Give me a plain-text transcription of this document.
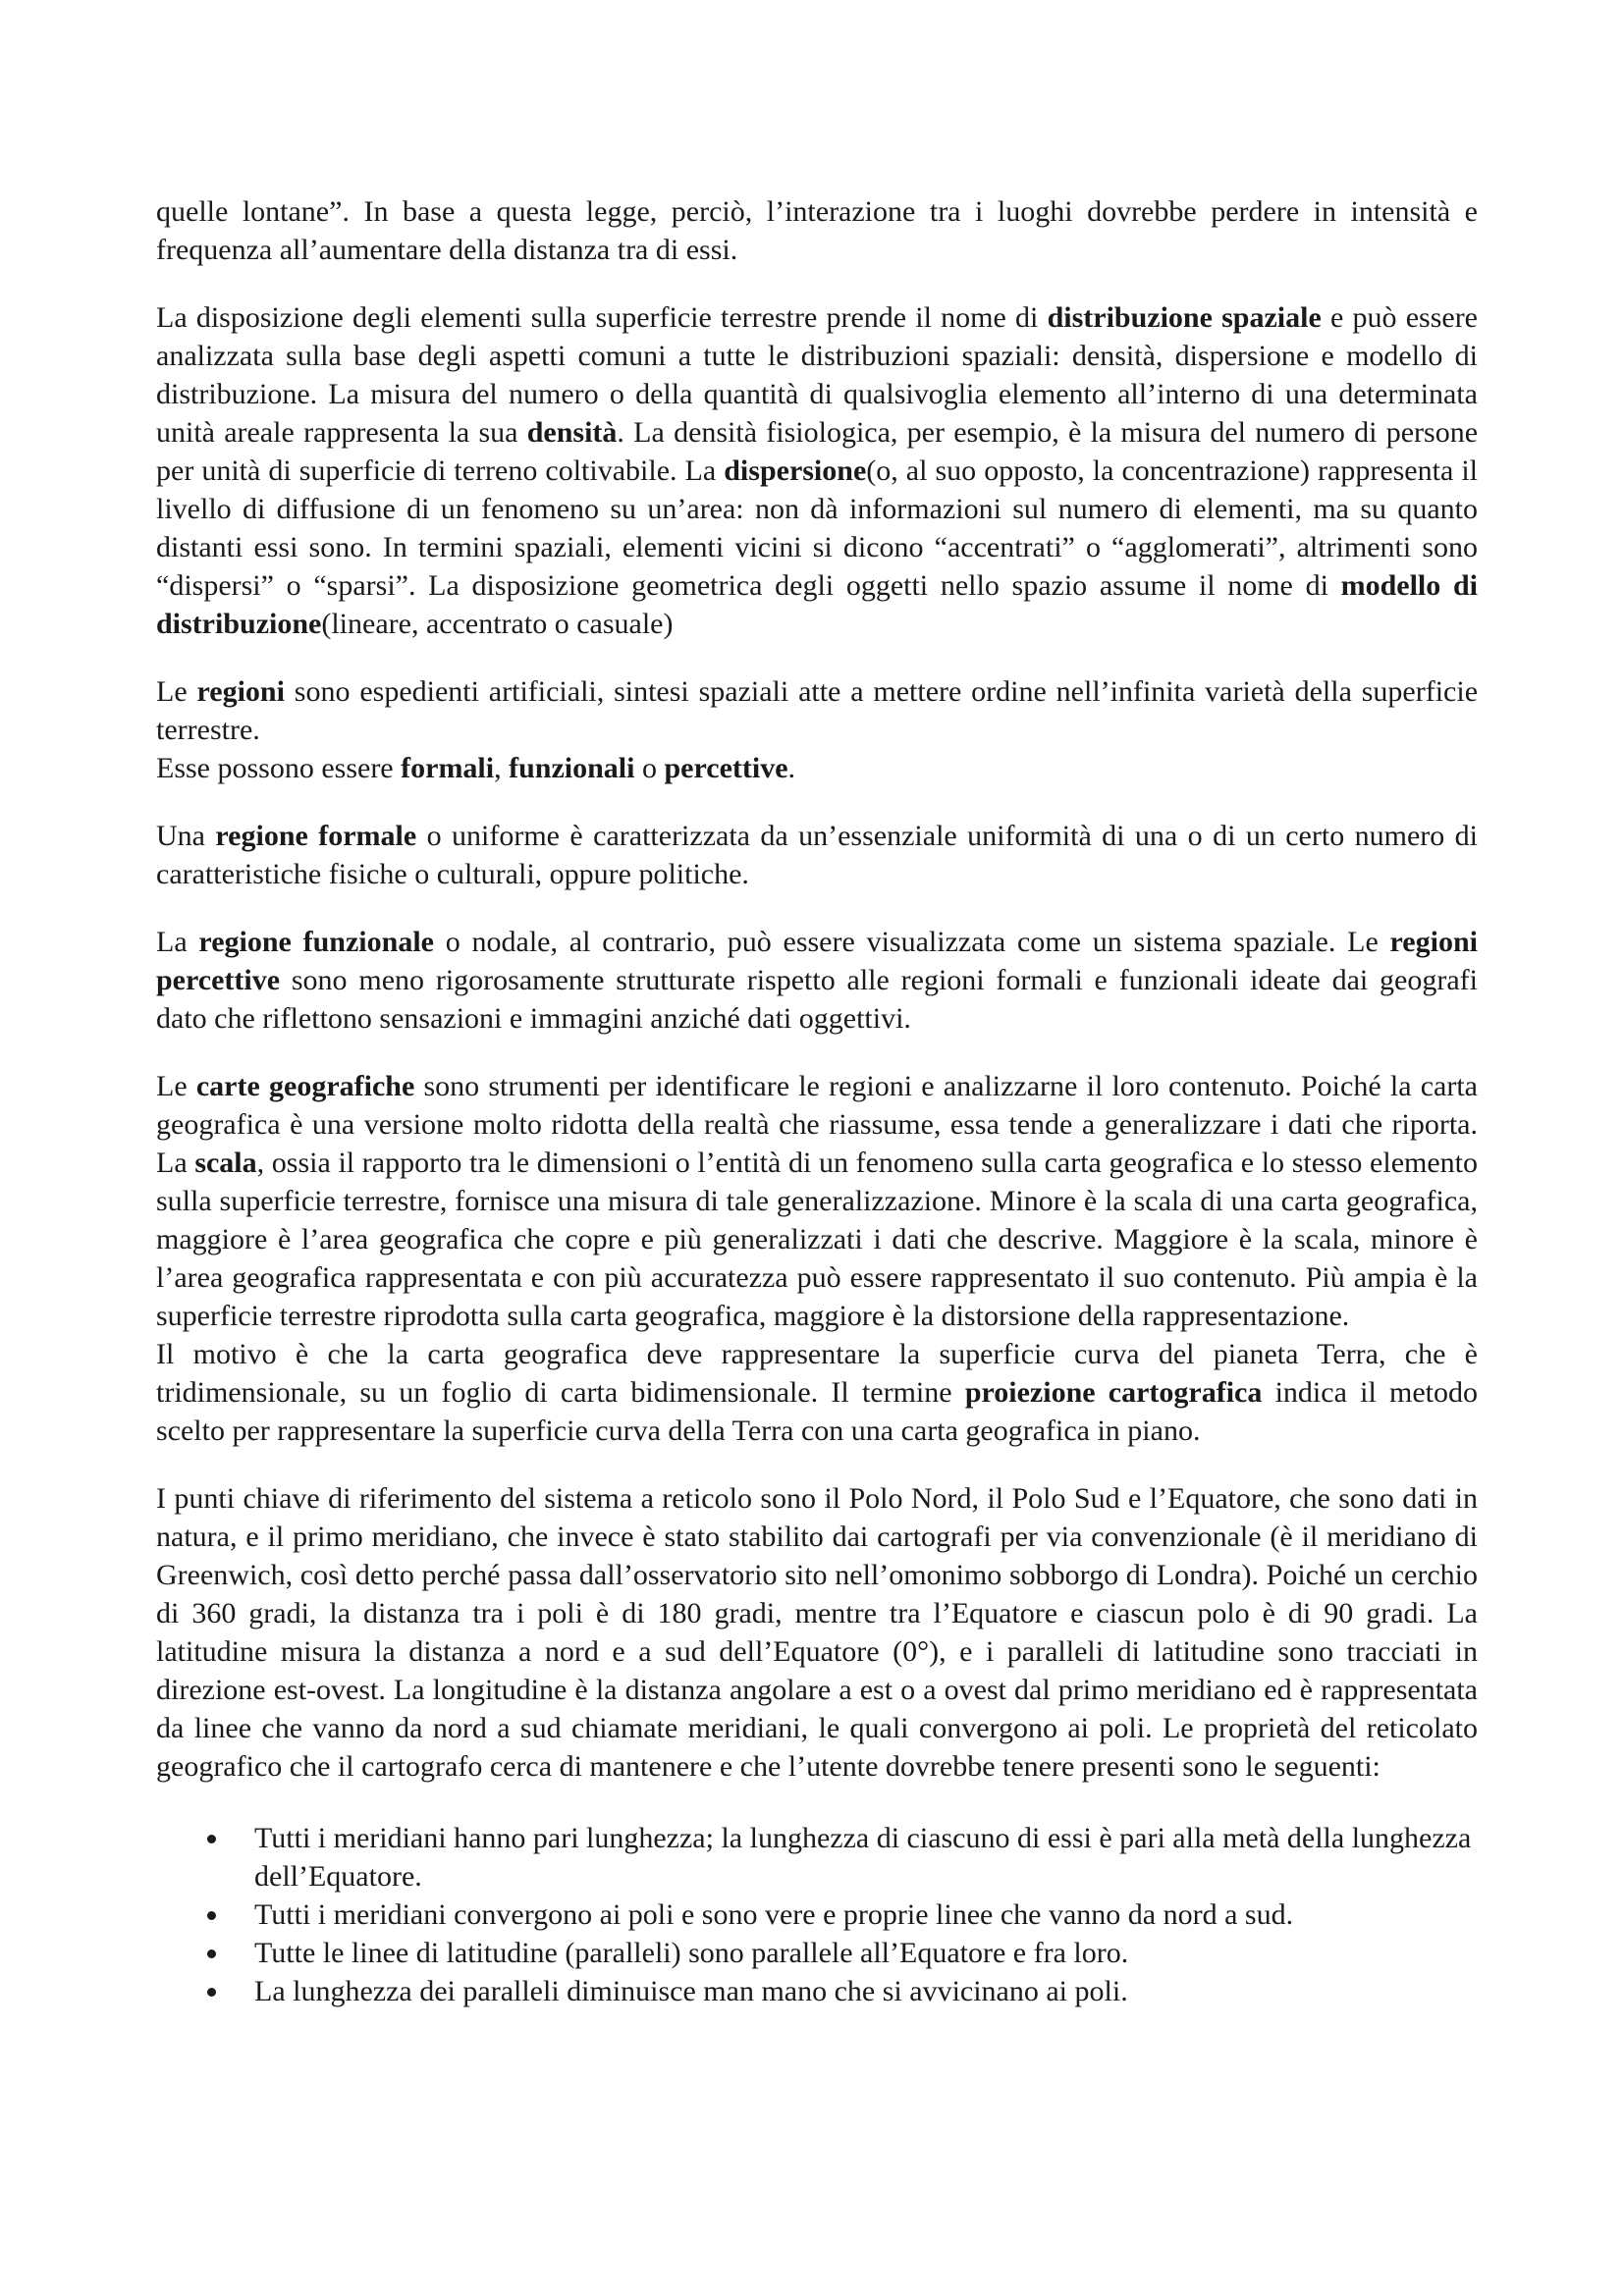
quelle lontane”. In base a questa legge, perciò, l’interazione tra i luoghi dovrebbe perdere in intensità e frequenza all’aumentare della distanza tra di essi.

La disposizione degli elementi sulla superficie terrestre prende il nome di distribuzione spaziale e può essere analizzata sulla base degli aspetti comuni a tutte le distribuzioni spaziali: densità, dispersione e modello di distribuzione. La misura del numero o della quantità di qualsivoglia elemento all’interno di una determinata unità areale rappresenta la sua densità. La densità fisiologica, per esempio, è la misura del numero di persone per unità di superficie di terreno coltivabile. La dispersione(o, al suo opposto, la concentrazione) rappresenta il livello di diffusione di un fenomeno su un’area: non dà informazioni sul numero di elementi, ma su quanto distanti essi sono. In termini spaziali, elementi vicini si dicono “accentrati” o “agglomerati”, altrimenti sono “dispersi” o “sparsi”. La disposizione geometrica degli oggetti nello spazio assume il nome di modello di distribuzione(lineare, accentrato o casuale)

Le regioni sono espedienti artificiali, sintesi spaziali atte a mettere ordine nell’infinita varietà della superficie terrestre.

Esse possono essere formali, funzionali o percettive.

Una regione formale o uniforme è caratterizzata da un’essenziale uniformità di una o di un certo numero di caratteristiche fisiche o culturali, oppure politiche.

La regione funzionale o nodale, al contrario, può essere visualizzata come un sistema spaziale. Le regioni percettive sono meno rigorosamente strutturate rispetto alle regioni formali e funzionali ideate dai geografi dato che riflettono sensazioni e immagini anziché dati oggettivi.

Le carte geografiche sono strumenti per identificare le regioni e analizzarne il loro contenuto. Poiché la carta geografica è una versione molto ridotta della realtà che riassume, essa tende a generalizzare i dati che riporta. La scala, ossia il rapporto tra le dimensioni o l’entità di un fenomeno sulla carta geografica e lo stesso elemento sulla superficie terrestre, fornisce una misura di tale generalizzazione. Minore è la scala di una carta geografica, maggiore è l’area geografica che copre e più generalizzati i dati che descrive. Maggiore è la scala, minore è l’area geografica rappresentata e con più accuratezza può essere rappresentato il suo contenuto. Più ampia è la superficie terrestre riprodotta sulla carta geografica, maggiore è la distorsione della rappresentazione.

Il motivo è che la carta geografica deve rappresentare la superficie curva del pianeta Terra, che è tridimensionale, su un foglio di carta bidimensionale. Il termine proiezione cartografica indica il metodo scelto per rappresentare la superficie curva della Terra con una carta geografica in piano.

I punti chiave di riferimento del sistema a reticolo sono il Polo Nord, il Polo Sud e l’Equatore, che sono dati in natura, e il primo meridiano, che invece è stato stabilito dai cartografi per via convenzionale (è il meridiano di Greenwich, così detto perché passa dall’osservatorio sito nell’omonimo sobborgo di Londra). Poiché un cerchio di 360 gradi, la distanza tra i poli è di 180 gradi, mentre tra l’Equatore e ciascun polo è di 90 gradi. La latitudine misura la distanza a nord e a sud dell’Equatore (0°), e i paralleli di latitudine sono tracciati in direzione est-ovest. La longitudine è la distanza angolare a est o a ovest dal primo meridiano ed è rappresentata da linee che vanno da nord a sud chiamate meridiani, le quali convergono ai poli. Le proprietà del reticolato geografico che il cartografo cerca di mantenere e che l’utente dovrebbe tenere presenti sono le seguenti:

Tutti i meridiani hanno pari lunghezza; la lunghezza di ciascuno di essi è pari alla metà della lunghezza dell’Equatore.
Tutti i meridiani convergono ai poli e sono vere e proprie linee che vanno da nord a sud.
Tutte le linee di latitudine (paralleli) sono parallele all’Equatore e fra loro.
La lunghezza dei paralleli diminuisce man mano che si avvicinano ai poli.
